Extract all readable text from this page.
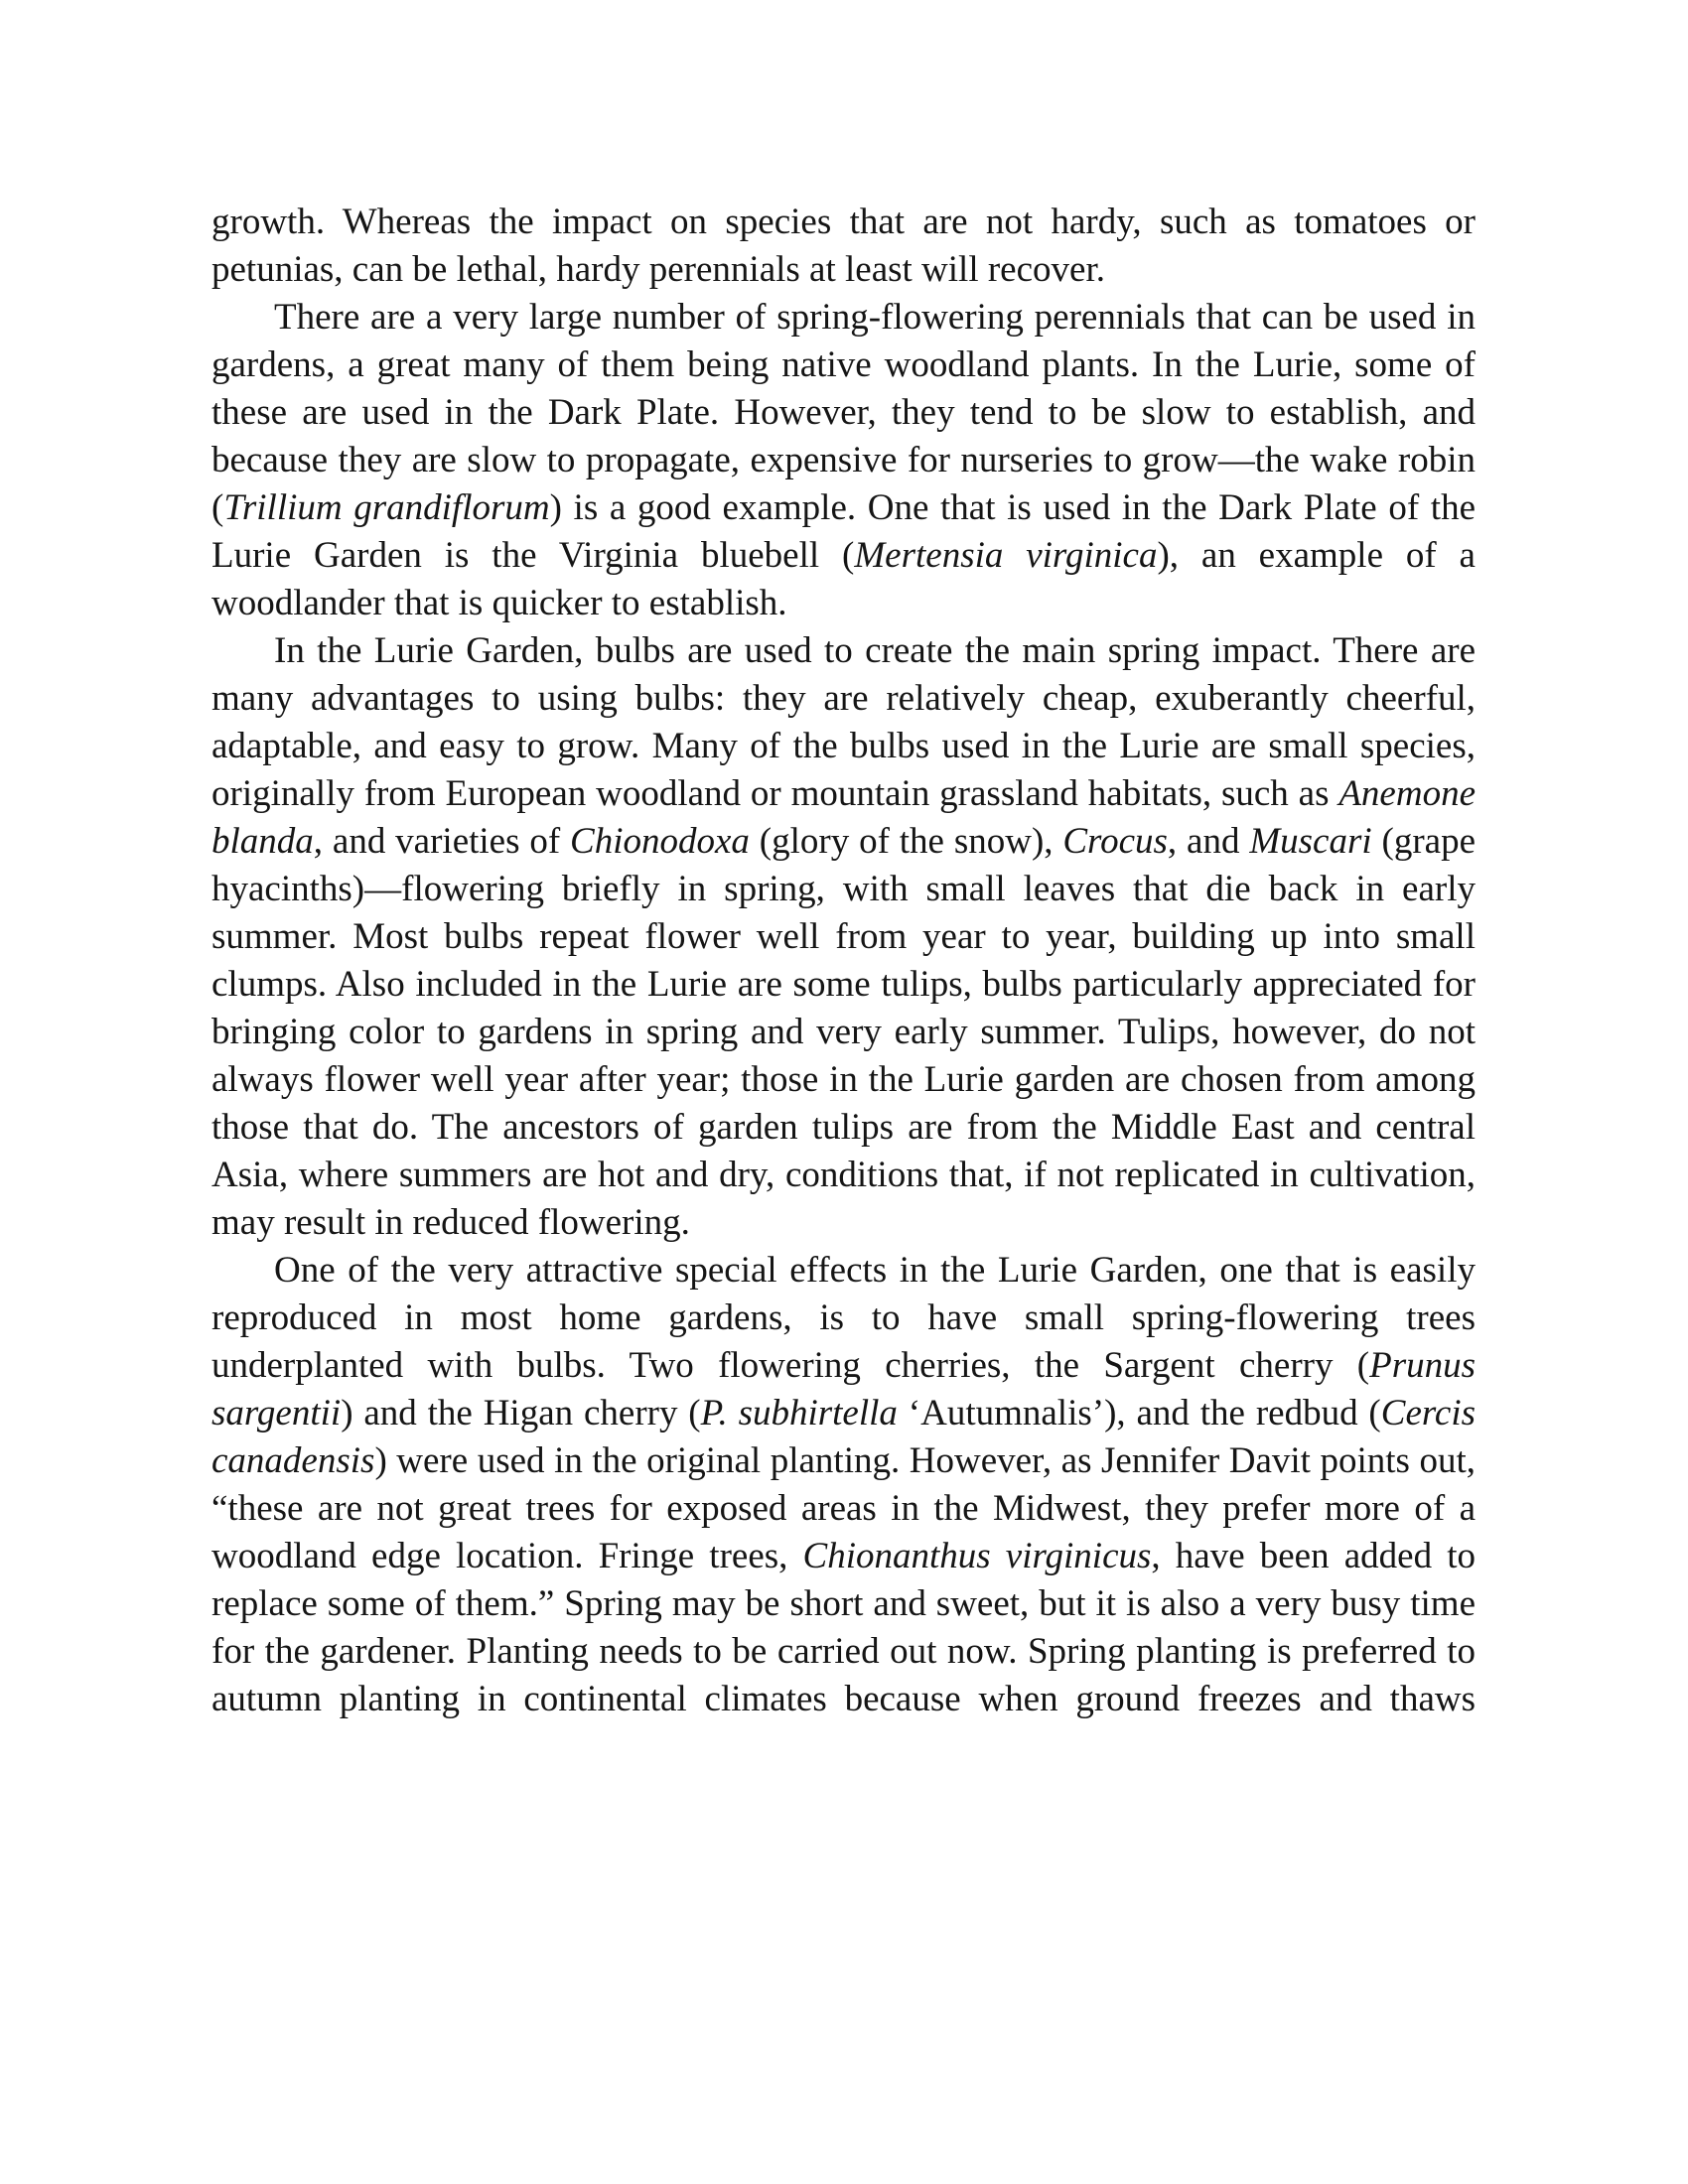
growth. Whereas the impact on species that are not hardy, such as tomatoes or petunias, can be lethal, hardy perennials at least will recover.

There are a very large number of spring-flowering perennials that can be used in gardens, a great many of them being native woodland plants. In the Lurie, some of these are used in the Dark Plate. However, they tend to be slow to establish, and because they are slow to propagate, expensive for nurseries to grow—the wake robin (Trillium grandiflorum) is a good example. One that is used in the Dark Plate of the Lurie Garden is the Virginia bluebell (Mertensia virginica), an example of a woodlander that is quicker to establish.

In the Lurie Garden, bulbs are used to create the main spring impact. There are many advantages to using bulbs: they are relatively cheap, exuberantly cheerful, adaptable, and easy to grow. Many of the bulbs used in the Lurie are small species, originally from European woodland or mountain grassland habitats, such as Anemone blanda, and varieties of Chionodoxa (glory of the snow), Crocus, and Muscari (grape hyacinths)—flowering briefly in spring, with small leaves that die back in early summer. Most bulbs repeat flower well from year to year, building up into small clumps. Also included in the Lurie are some tulips, bulbs particularly appreciated for bringing color to gardens in spring and very early summer. Tulips, however, do not always flower well year after year; those in the Lurie garden are chosen from among those that do. The ancestors of garden tulips are from the Middle East and central Asia, where summers are hot and dry, conditions that, if not replicated in cultivation, may result in reduced flowering.

One of the very attractive special effects in the Lurie Garden, one that is easily reproduced in most home gardens, is to have small spring-flowering trees underplanted with bulbs. Two flowering cherries, the Sargent cherry (Prunus sargentii) and the Higan cherry (P. subhirtella ‘Autumnalis’), and the redbud (Cercis canadensis) were used in the original planting. However, as Jennifer Davit points out, “these are not great trees for exposed areas in the Midwest, they prefer more of a woodland edge location. Fringe trees, Chionanthus virginicus, have been added to replace some of them.” Spring may be short and sweet, but it is also a very busy time for the gardener. Planting needs to be carried out now. Spring planting is preferred to autumn planting in continental climates because when ground freezes and thaws
